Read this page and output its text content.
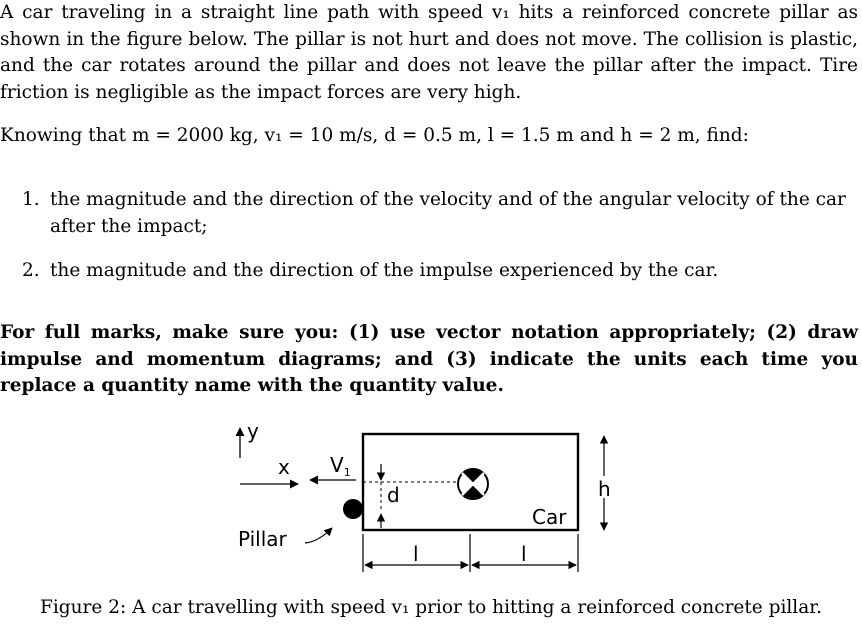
A car traveling in a straight line path with speed v₁ hits a reinforced concrete pillar as shown in the figure below. The pillar is not hurt and does not move. The collision is plastic, and the car rotates around the pillar and does not leave the pillar after the impact. Tire friction is negligible as the impact forces are very high.

Knowing that m = 2000 kg, v₁ = 10 m/s, d = 0.5 m, l = 1.5 m and h = 2 m, find:

1. the magnitude and the direction of the velocity and of the angular velocity of the car after the impact;
2. the magnitude and the direction of the impulse experienced by the car.

For full marks, make sure you: (1) use vector notation appropriately; (2) draw impulse and momentum diagrams; and (3) indicate the units each time you replace a quantity name with the quantity value.

y
x $V_1$
d
Car
h
Pillar
l	l

Figure 2: A car travelling with speed v₁ prior to hitting a reinforced concrete pillar.
